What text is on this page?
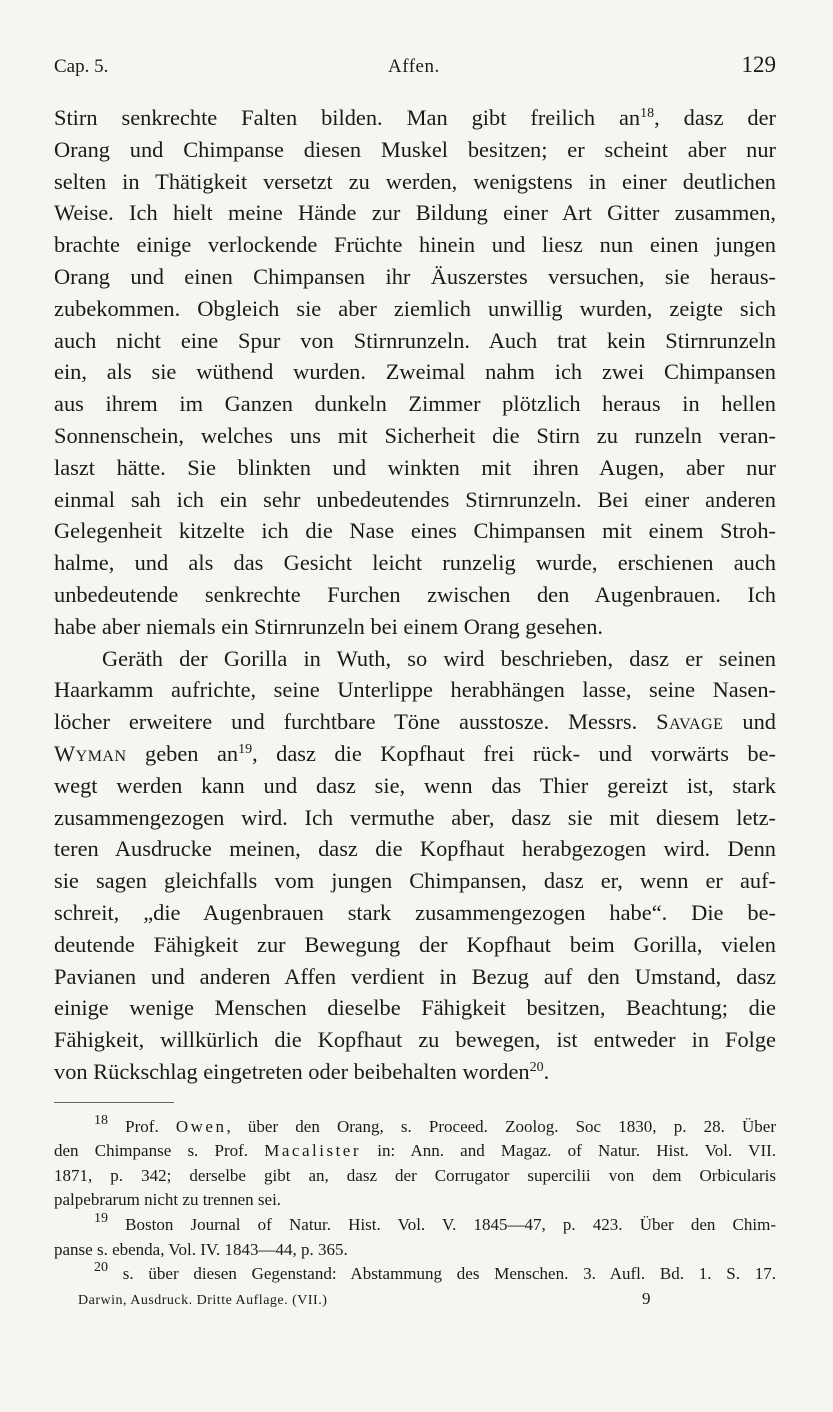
Cap. 5.	Affen.	129

Stirn senkrechte Falten bilden. Man gibt freilich $an^{18}$, dasz der
Orang und Chimpanse diesen Muskel besitzen; er scheint aber nur
selten in Thätigkeit versetzt zu werden, wenigstens in einer deutlichen
Weise. Ich hielt meine Hände zur Bildung einer Art Gitter zusammen,
brachte einige verlockende Früchte hinein und liesz nun einen jungen
Orang und einen Chimpansen ihr Äuszerstes versuchen, sie heraus-
zubekommen. Obgleich sie aber ziemlich unwillig wurden, zeigte sich
auch nicht eine Spur von Stirnrunzeln. Auch trat kein Stirnrunzeln
ein, als sie wüthend wurden. Zweimal nahm ich zwei Chimpansen
aus ihrem im Ganzen dunkeln Zimmer plötzlich heraus in hellen
Sonnenschein, welches uns mit Sicherheit die Stirn zu runzeln veran-
laszt hätte. Sie blinkten und winkten mit ihren Augen, aber nur
einmal sah ich ein sehr unbedeutendes Stirnrunzeln. Bei einer anderen
Gelegenheit kitzelte ich die Nase eines Chimpansen mit einem Stroh-
halme, und als das Gesicht leicht runzelig wurde, erschienen auch
unbedeutende senkrechte Furchen zwischen den Augenbrauen. Ich
habe aber niemals ein Stirnrunzeln bei einem Orang gesehen.

Geräth der Gorilla in Wuth, so wird beschrieben, dasz er seinen
Haarkamm aufrichte, seine Unterlippe herabhängen lasse, seine Nasen-
löcher erweitere und furchtbare Töne ausstosze. Messrs. Savage und
Wyman geben $an^{19}$, dasz die Kopfhaut frei rück- und vorwärts be-
wegt werden kann und dasz sie, wenn das Thier gereizt ist, stark
zusammengezogen wird. Ich vermuthe aber, dasz sie mit diesem letz-
teren Ausdrucke meinen, dasz die Kopfhaut herabgezogen wird. Denn
sie sagen gleichfalls vom jungen Chimpansen, dasz er, wenn er auf-
schreit, „die Augenbrauen stark zusammengezogen habe“. Die be-
deutende Fähigkeit zur Bewegung der Kopfhaut beim Gorilla, vielen
Pavianen und anderen Affen verdient in Bezug auf den Umstand, dasz
einige wenige Menschen dieselbe Fähigkeit besitzen, Beachtung; die
Fähigkeit, willkürlich die Kopfhaut zu bewegen, ist entweder in Folge
von Rückschlag eingetreten oder beibehalten worden$^{20}$.

$^{18}$ Prof. Owen, über den Orang, s. Proceed. Zoolog. Soc 1830, p. 28. Über
den Chimpanse s. Prof. Macalister in: Ann. and Magaz. of Natur. Hist. Vol. VII.
1871, p. 342; derselbe gibt an, dasz der Corrugator supercilii von dem Orbicularis
palpebrarum nicht zu trennen sei.
$^{19}$ Boston Journal of Natur. Hist. Vol. V. 1845—47, p. 423. Über den Chim-
panse s. ebenda, Vol. IV. 1843—44, p. 365.
$^{20}$ s. über diesen Gegenstand: Abstammung des Menschen. 3. Aufl. Bd. 1. S. 17.
Darwin, Ausdruck. Dritte Auflage. (VII.)	9
